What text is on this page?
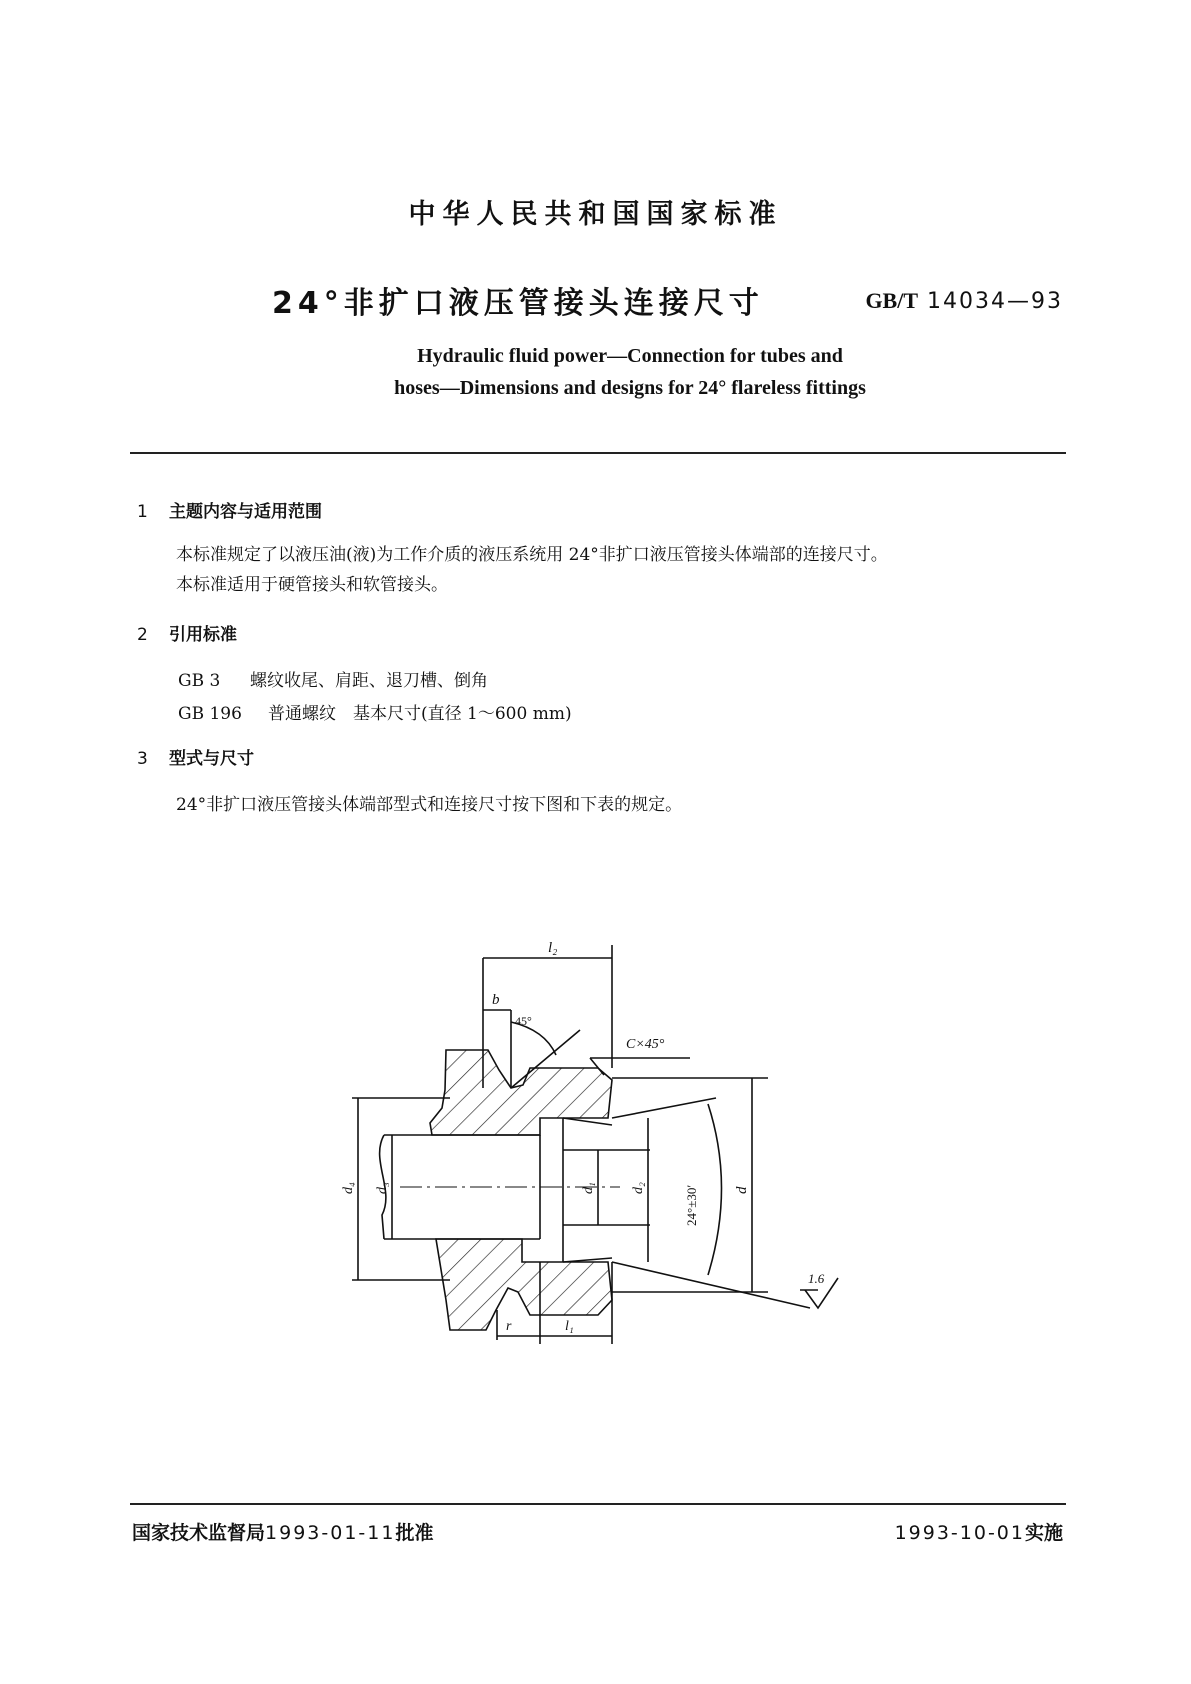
中华人民共和国国家标准
24°非扩口液压管接头连接尺寸	GB/T 14034—93
Hydraulic fluid power—Connection for tubes and
hoses—Dimensions and designs for 24° flareless fittings
1 主题内容与适用范围
本标准规定了以液压油(液)为工作介质的液压系统用 24°非扩口液压管接头体端部的连接尺寸。
本标准适用于硬管接头和软管接头。
2 引用标准
GB 3 螺纹收尾、肩距、退刀槽、倒角
GB 196 普通螺纹　基本尺寸(直径 1～600 mm)
3 型式与尺寸
24°非扩口液压管接头体端部型式和连接尺寸按下图和下表的规定。
l₂
b
45°
C×45°
d₄ d₃	d₁	d₂	24°±30′ d
1.6
r	l₁
国家技术监督局1993-01-11批准	1993-10-01实施
